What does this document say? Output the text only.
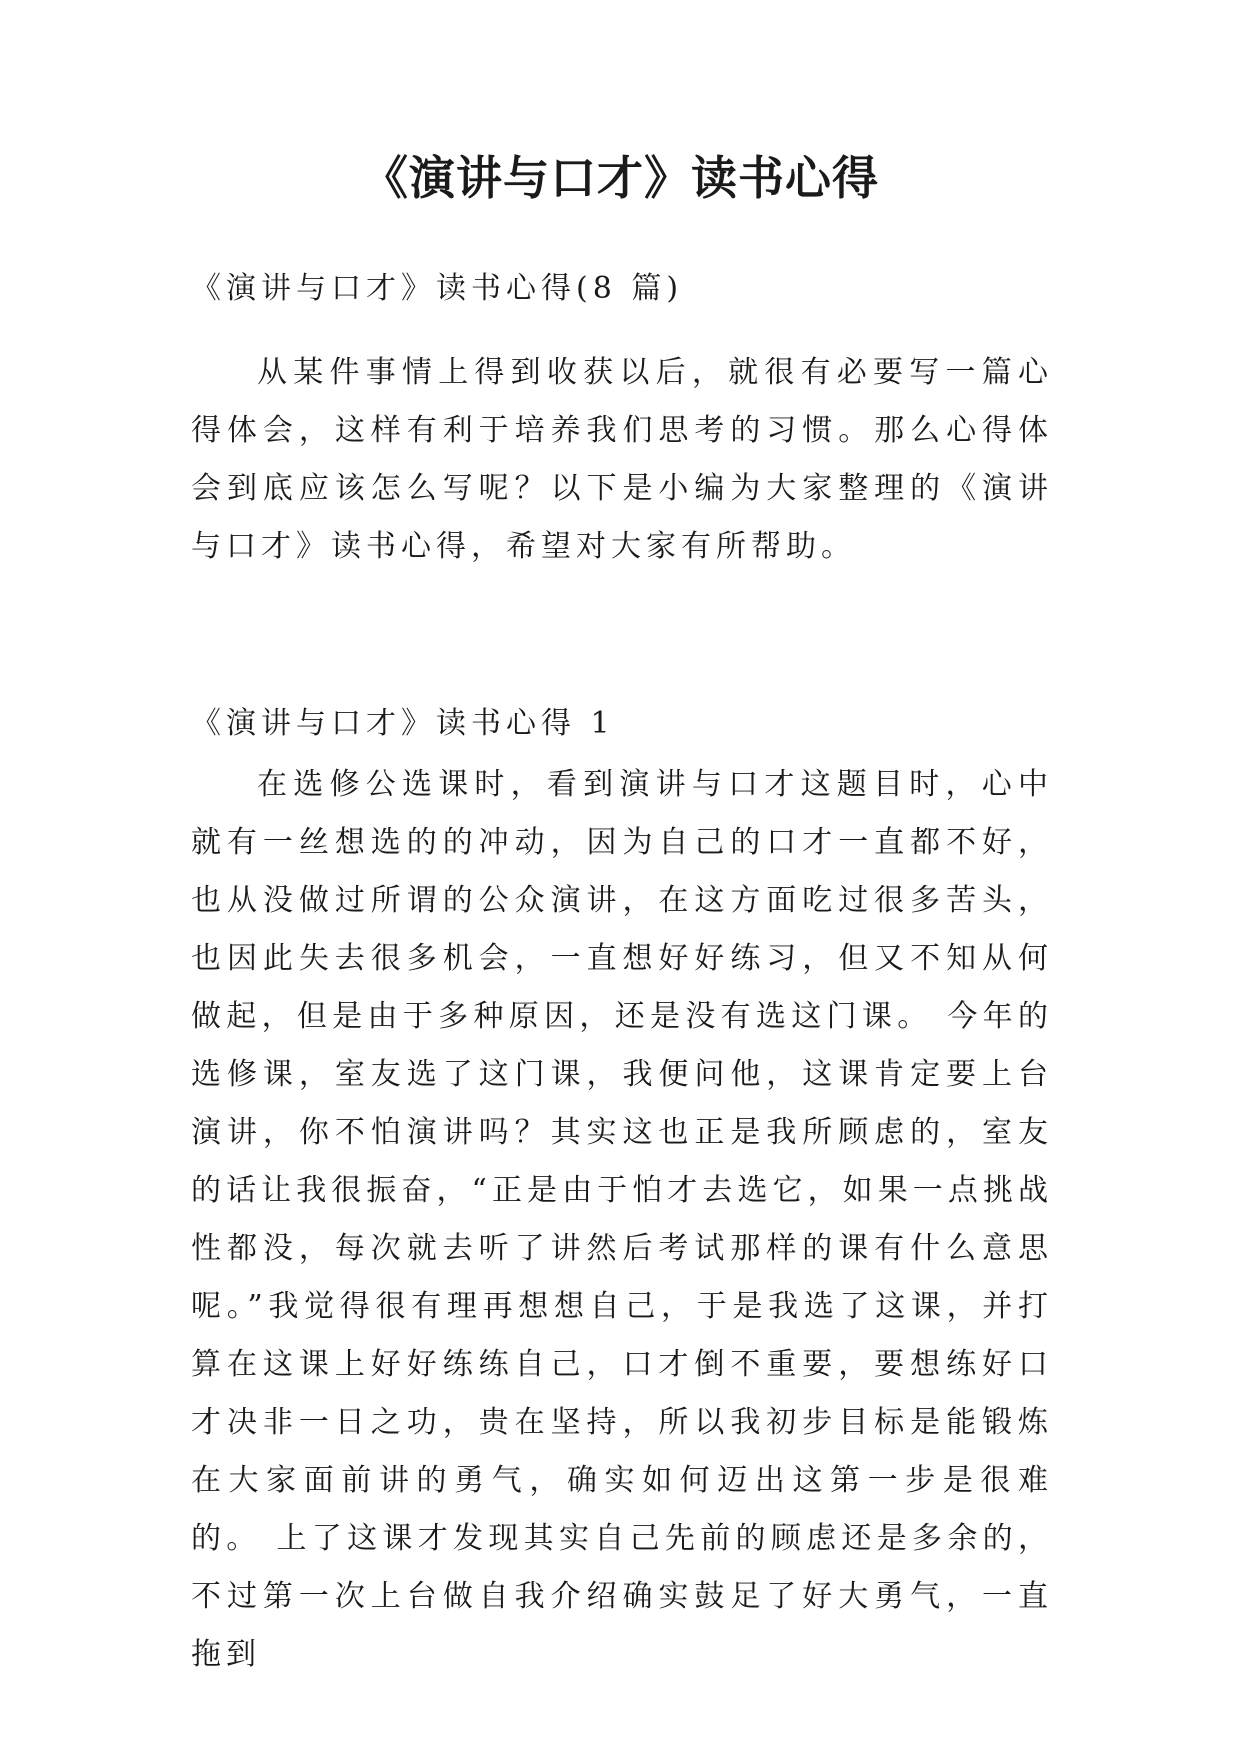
《演讲与口才》读书心得

《演讲与口才》读书心得(8 篇)

从某件事情上得到收获以后，就很有必要写一篇心得体会，这样有利于培养我们思考的习惯。那么心得体会到底应该怎么写呢？以下是小编为大家整理的《演讲与口才》读书心得，希望对大家有所帮助。

《演讲与口才》读书心得 1

在选修公选课时，看到演讲与口才这题目时，心中就有一丝想选的的冲动，因为自己的口才一直都不好，也从没做过所谓的公众演讲，在这方面吃过很多苦头，也因此失去很多机会，一直想好好练习，但又不知从何做起，但是由于多种原因，还是没有选这门课。 今年的选修课，室友选了这门课，我便问他，这课肯定要上台演讲，你不怕演讲吗？其实这也正是我所顾虑的，室友的话让我很振奋，“正是由于怕才去选它，如果一点挑战性都没，每次就去听了讲然后考试那样的课有什么意思呢。”我觉得很有理再想想自己，于是我选了这课，并打算在这课上好好练练自己，口才倒不重要，要想练好口才决非一日之功，贵在坚持，所以我初步目标是能锻炼在大家面前讲的勇气，确实如何迈出这第一步是很难的。 上了这课才发现其实自己先前的顾虑还是多余的，不过第一次上台做自我介绍确实鼓足了好大勇气，一直拖到
